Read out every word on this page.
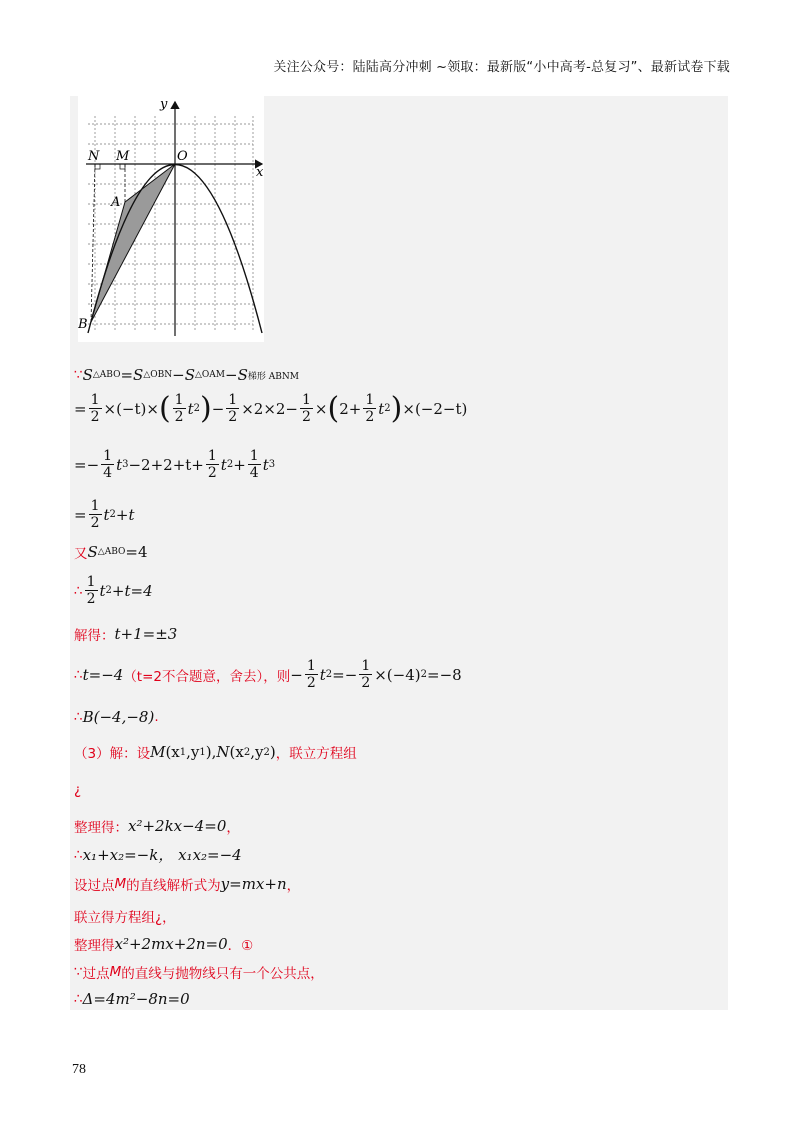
关注公众号：陆陆高分冲刺 ~领取：最新版“小中高考-总复习”、最新试卷下载
y
x
O
N M
A
B
∵ S △ABO = S △OBN − S △OAM − S 梯形 ABNM
= $\frac{1}{2} \times(-t)\times$ ( $\frac{1}{2}$ t 2 ) − $\frac{1}{2} \times 2\times 2- \frac{1}{2}$ × ( $2+ \frac{1}{2}$ t 2 ) ×(−2−t)
=− $\frac{1}{4}$ t $3 -2+2+t+ \frac{1}{2}$ t $2 + \frac{1}{4}$ t 3
= $\frac{1}{2}$ t 2 +t
又 S △ABO =4
∴ $\frac{1}{2}$ t 2 +t=4
解得： t+1=±3
∴ t=−4 （t=2不合题意，舍去），则 − $\frac{1}{2}$ t $2 =- \frac{1}{2} \times(-4)$ 2 =−8
∴ B(−4,−8) .
（3）解：设 M (x 1 ,y 1 ) , N (x 2 ,y 2 ) ，联立方程组
¿
整理得： x²+2kx−4=0 ，
∴ x₁+x₂=−k， x₁x₂=−4
设过点 M 的直线解析式为 y=mx+n ，
联立得方程组¿，
整理得 x²+2mx+2n=0 ．①
∵ 过点 M 的直线与抛物线只有一个公共点，
∴ Δ=4m²−8n=0
78
